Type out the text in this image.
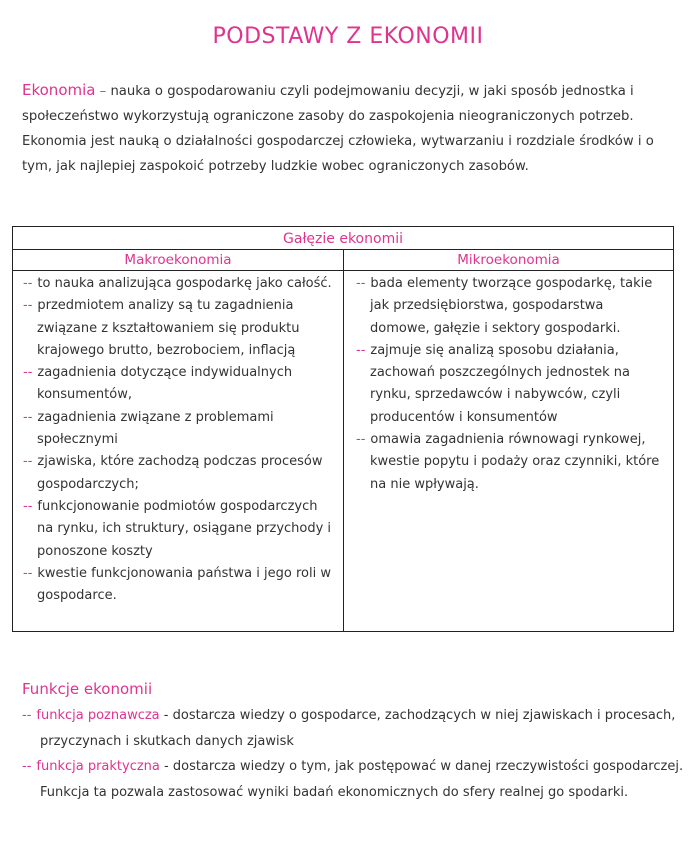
PODSTAWY Z EKONOMII
Ekonomia – nauka o gospodarowaniu czyli podejmowaniu decyzji, w jaki sposób jednostka i społeczeństwo wykorzystują ograniczone zasoby do zaspokojenia nieograniczonych potrzeb.
Ekonomia jest nauką o działalności gospodarczej człowieka, wytwarzaniu i rozdziale środków i o tym, jak najlepiej zaspokoić potrzeby ludzkie wobec ograniczonych zasobów.
Gałęzie ekonomii
Makroekonomia
-- to nauka analizująca gospodarkę jako całość.
-- przedmiotem analizy są tu zagadnienia związane z kształtowaniem się produktu krajowego brutto, bezrobociem, inflacją
-- zagadnienia dotyczące indywidualnych konsumentów,
-- zagadnienia związane z problemami społecznymi
-- zjawiska, które zachodzą podczas procesów gospodarczych;
-- funkcjonowanie podmiotów gospodarczych na rynku, ich struktury, osiągane przychody i ponoszone koszty
-- kwestie funkcjonowania państwa i jego roli w gospodarce.
Mikroekonomia
-- bada elementy tworzące gospodarkę, takie jak przedsiębiorstwa, gospodarstwa domowe, gałęzie i sektory gospodarki.
-- zajmuje się analizą sposobu działania, zachowań poszczególnych jednostek na rynku, sprzedawców i nabywców, czyli producentów i konsumentów
-- omawia zagadnienia równowagi rynkowej, kwestie popytu i podaży oraz czynniki, które na nie wpływają.
Funkcje ekonomii
-- funkcja poznawcza - dostarcza wiedzy o gospodarce, zachodzących w niej zjawiskach i procesach, przyczynach i skutkach danych zjawisk
-- funkcja praktyczna - dostarcza wiedzy o tym, jak postępować w danej rzeczywistości gospodarczej. Funkcja ta pozwala zastosować wyniki badań ekonomicznych do sfery realnej go spodarki.
